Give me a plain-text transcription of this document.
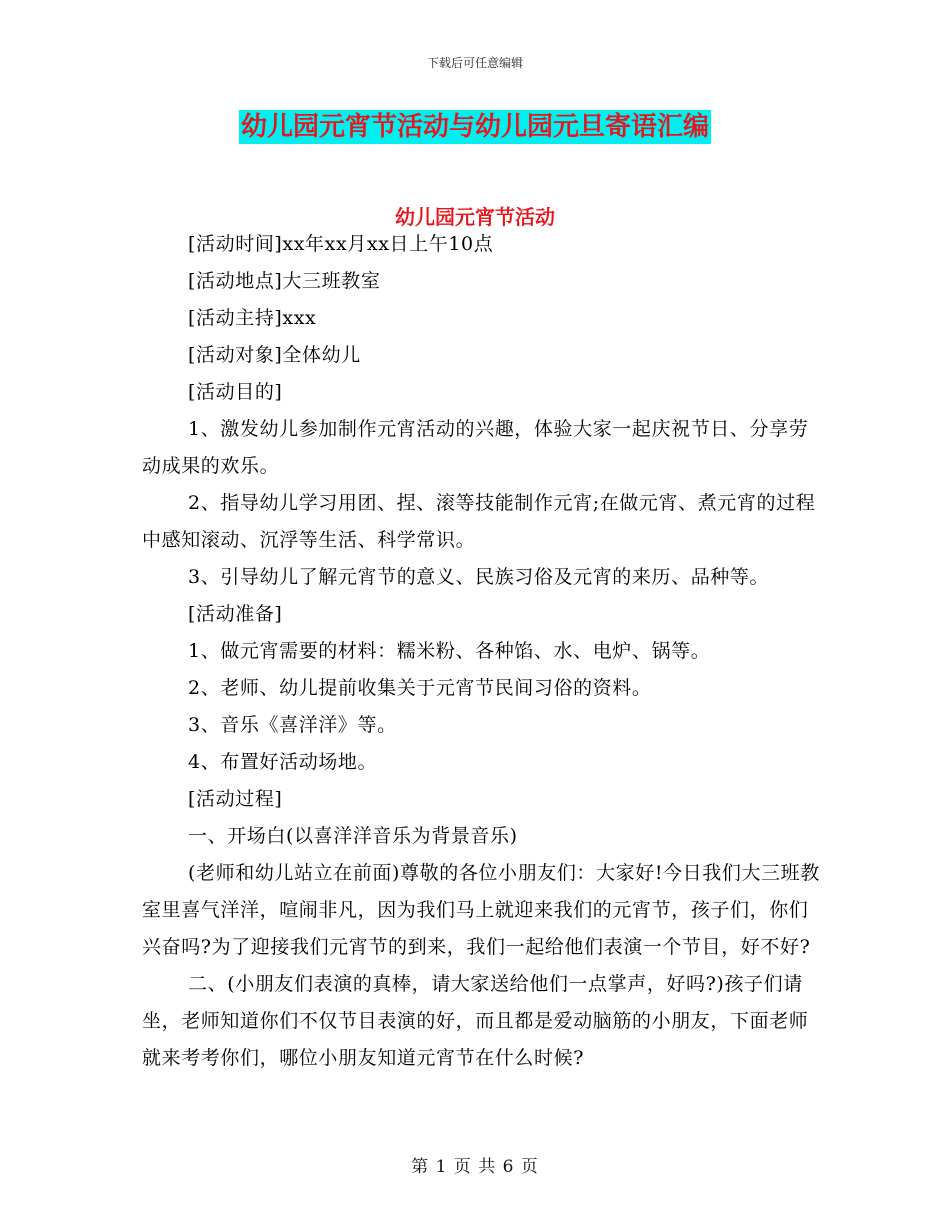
下载后可任意编辑
幼儿园元宵节活动与幼儿园元旦寄语汇编
幼儿园元宵节活动

[活动时间]xx年xx月xx日上午10点

[活动地点]大三班教室

[活动主持]xxx

[活动对象]全体幼儿

[活动目的]

1、激发幼儿参加制作元宵活动的兴趣，体验大家一起庆祝节日、分享劳动成果的欢乐。

2、指导幼儿学习用团、捏、滚等技能制作元宵;在做元宵、煮元宵的过程中感知滚动、沉浮等生活、科学常识。

3、引导幼儿了解元宵节的意义、民族习俗及元宵的来历、品种等。

[活动准备]

1、做元宵需要的材料：糯米粉、各种馅、水、电炉、锅等。

2、老师、幼儿提前收集关于元宵节民间习俗的资料。

3、音乐《喜洋洋》等。

4、布置好活动场地。

[活动过程]

一、开场白(以喜洋洋音乐为背景音乐)

(老师和幼儿站立在前面)尊敬的各位小朋友们：大家好!今日我们大三班教室里喜气洋洋，喧闹非凡，因为我们马上就迎来我们的元宵节，孩子们，你们兴奋吗?为了迎接我们元宵节的到来，我们一起给他们表演一个节目，好不好?

二、(小朋友们表演的真棒，请大家送给他们一点掌声，好吗?)孩子们请坐，老师知道你们不仅节目表演的好，而且都是爱动脑筋的小朋友，下面老师就来考考你们，哪位小朋友知道元宵节在什么时候?

第 1 页 共 6 页
